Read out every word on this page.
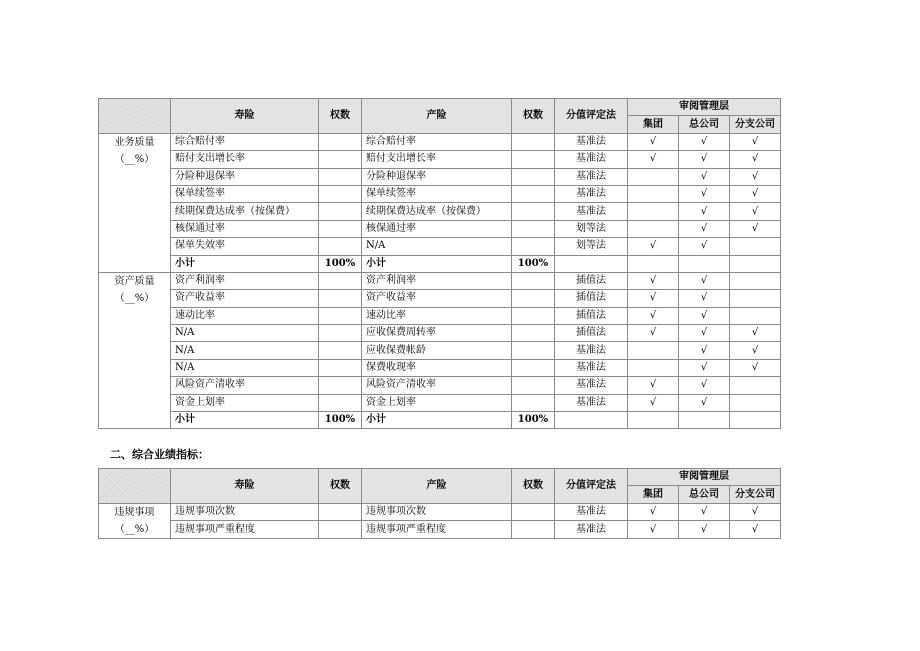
	寿险	权数	产险	权数	分值评定法	审阅管理层		
						集团	总公司	分支公司

业务质量
（__%）	综合赔付率		综合赔付率		基准法	√	√	√
	赔付支出增长率		赔付支出增长率		基准法	√	√	√
	分险种退保率		分险种退保率		基准法		√	√
	保单续签率		保单续签率		基准法		√	√
	续期保费达成率（按保费）		续期保费达成率（按保费）		基准法		√	√
	核保通过率		核保通过率		划等法		√	√
	保单失效率		N/A		划等法	√	√	
	小计	100%	小计	100%				

资产质量
（__%）	资产利润率		资产利润率		插值法	√	√	
	资产收益率		资产收益率		插值法	√	√	
	速动比率		速动比率		插值法	√	√	
	N/A		应收保费周转率		插值法	√	√	√
	N/A		应收保费帐龄		基准法		√	√
	N/A		保费收现率		基准法		√	√
	风险资产清收率		风险资产清收率		基准法	√	√	
	资金上划率		资金上划率		基准法	√	√	
	小计	100%	小计	100%				
二、综合业绩指标：
	寿险	权数	产险	权数	分值评定法	审阅管理层		
						集团	总公司	分支公司

违规事项
（__%）	违规事项次数		违规事项次数		基准法	√	√	√
	违规事项严重程度		违规事项严重程度		基准法	√	√	√
